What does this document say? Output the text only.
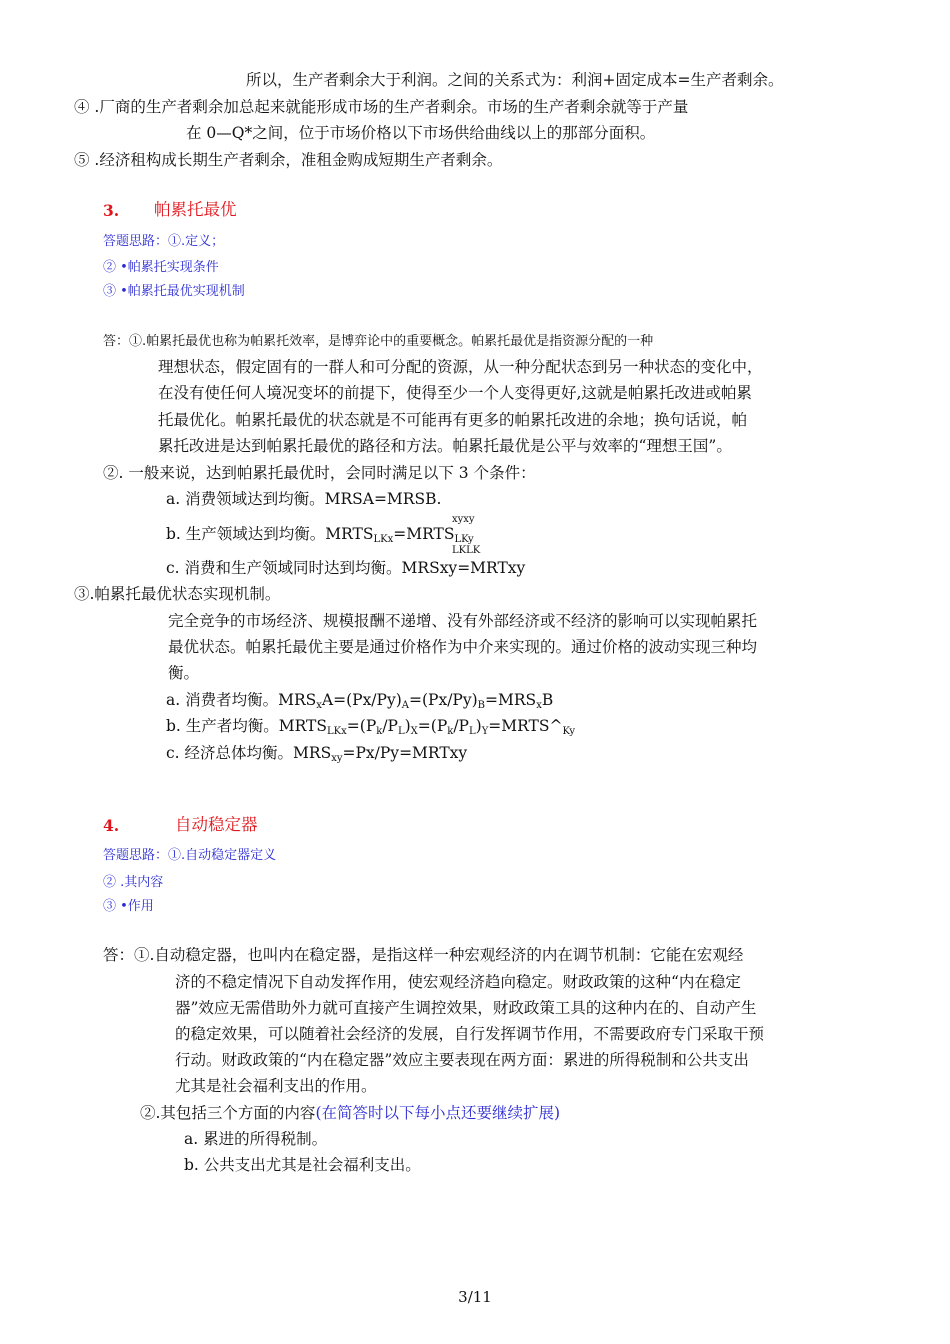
所以，生产者剩余大于利润。之间的关系式为：利润+固定成本=生产者剩余。
④ .厂商的生产者剩余加总起来就能形成市场的生产者剩余。市场的生产者剩余就等于产量
在 0—Q*之间，位于市场价格以下市场供给曲线以上的那部分面积。
⑤ .经济租构成长期生产者剩余，准租金购成短期生产者剩余。
3. 帕累托最优
答题思路：①.定义；
② •帕累托实现条件
③ •帕累托最优实现机制
答：①.帕累托最优也称为帕累托效率，是博弈论中的重要概念。帕累托最优是指资源分配的一种
理想状态，假定固有的一群人和可分配的资源，从一种分配状态到另一种状态的变化中，
在没有使任何人境况变坏的前提下，使得至少一个人变得更好,这就是帕累托改进或帕累
托最优化。帕累托最优的状态就是不可能再有更多的帕累托改进的余地；换句话说，帕
累托改进是达到帕累托最优的路径和方法。帕累托最优是公平与效率的“理想王国”。
②. 一般来说，达到帕累托最优时，会同时满足以下 3 个条件：
a. 消费领域达到均衡。MRSA=MRSB.
xyxy
b. 生产领域达到均衡。$MRTS_{LKx}=MRTS_{LKy}$
LKLK
c. 消费和生产领域同时达到均衡。MRSxy=MRTxy
③.帕累托最优状态实现机制。
完全竞争的市场经济、规模报酬不递增、没有外部经济或不经济的影响可以实现帕累托
最优状态。帕累托最优主要是通过价格作为中介来实现的。通过价格的波动实现三种均
衡。
a. 消费者均衡。$MRS_xA=(Px/Py)_A=(Px/Py)_B=MRS_xB$
b. 生产者均衡。$MRTS_{LKx}=(P_k/P_L)_X=(P_k/P_L)_Y=MRTS\^{}_{Ky}$
c. 经济总体均衡。$MRS_{xy}=Px/Py=MRTxy$
4.	自动稳定器
答题思路：①.自动稳定器定义
② .其内容
③ •作用
答：①.自动稳定器，也叫内在稳定器，是指这样一种宏观经济的内在调节机制：它能在宏观经
济的不稳定情况下自动发挥作用，使宏观经济趋向稳定。财政政策的这种“内在稳定
器”效应无需借助外力就可直接产生调控效果，财政政策工具的这种内在的、自动产生
的稳定效果，可以随着社会经济的发展，自行发挥调节作用，不需要政府专门采取干预
行动。财政政策的“内在稳定器”效应主要表现在两方面：累进的所得税制和公共支出
尤其是社会福利支出的作用。
②.其包括三个方面的内容(在简答时以下每小点还要继续扩展)
a. 累进的所得税制。
b. 公共支出尤其是社会福利支出。
3/11
